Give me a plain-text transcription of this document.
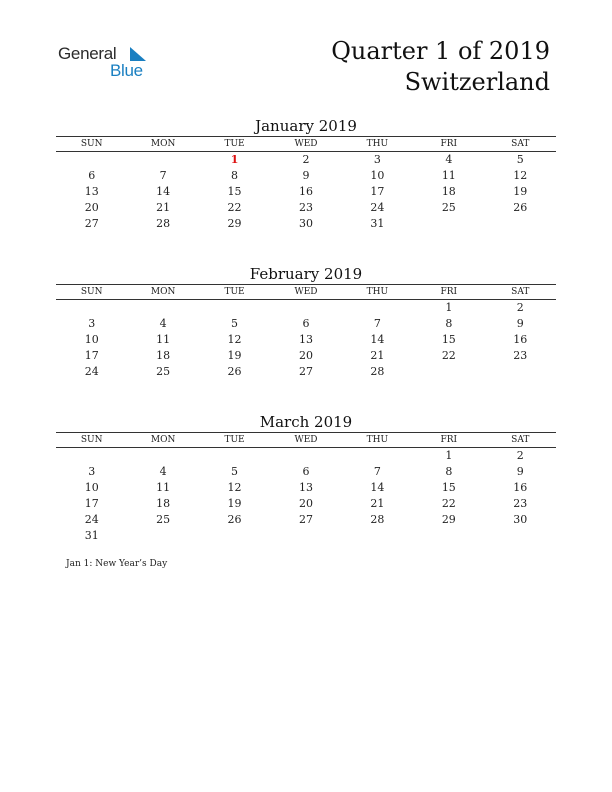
General
Blue
Quarter 1 of 2019
Switzerland
January 2019
SUN	MON	TUE	WED	THU	FRI	SAT
		1	2	3	4	5
6	7	8	9	10	11	12
13	14	15	16	17	18	19
20	21	22	23	24	25	26
27	28	29	30	31		
February 2019
SUN	MON	TUE	WED	THU	FRI	SAT
					1	2
3	4	5	6	7	8	9
10	11	12	13	14	15	16
17	18	19	20	21	22	23
24	25	26	27	28		
March 2019
SUN	MON	TUE	WED	THU	FRI	SAT
					1	2
3	4	5	6	7	8	9
10	11	12	13	14	15	16
17	18	19	20	21	22	23
24	25	26	27	28	29	30
31						
Jan 1: New Year’s Day
